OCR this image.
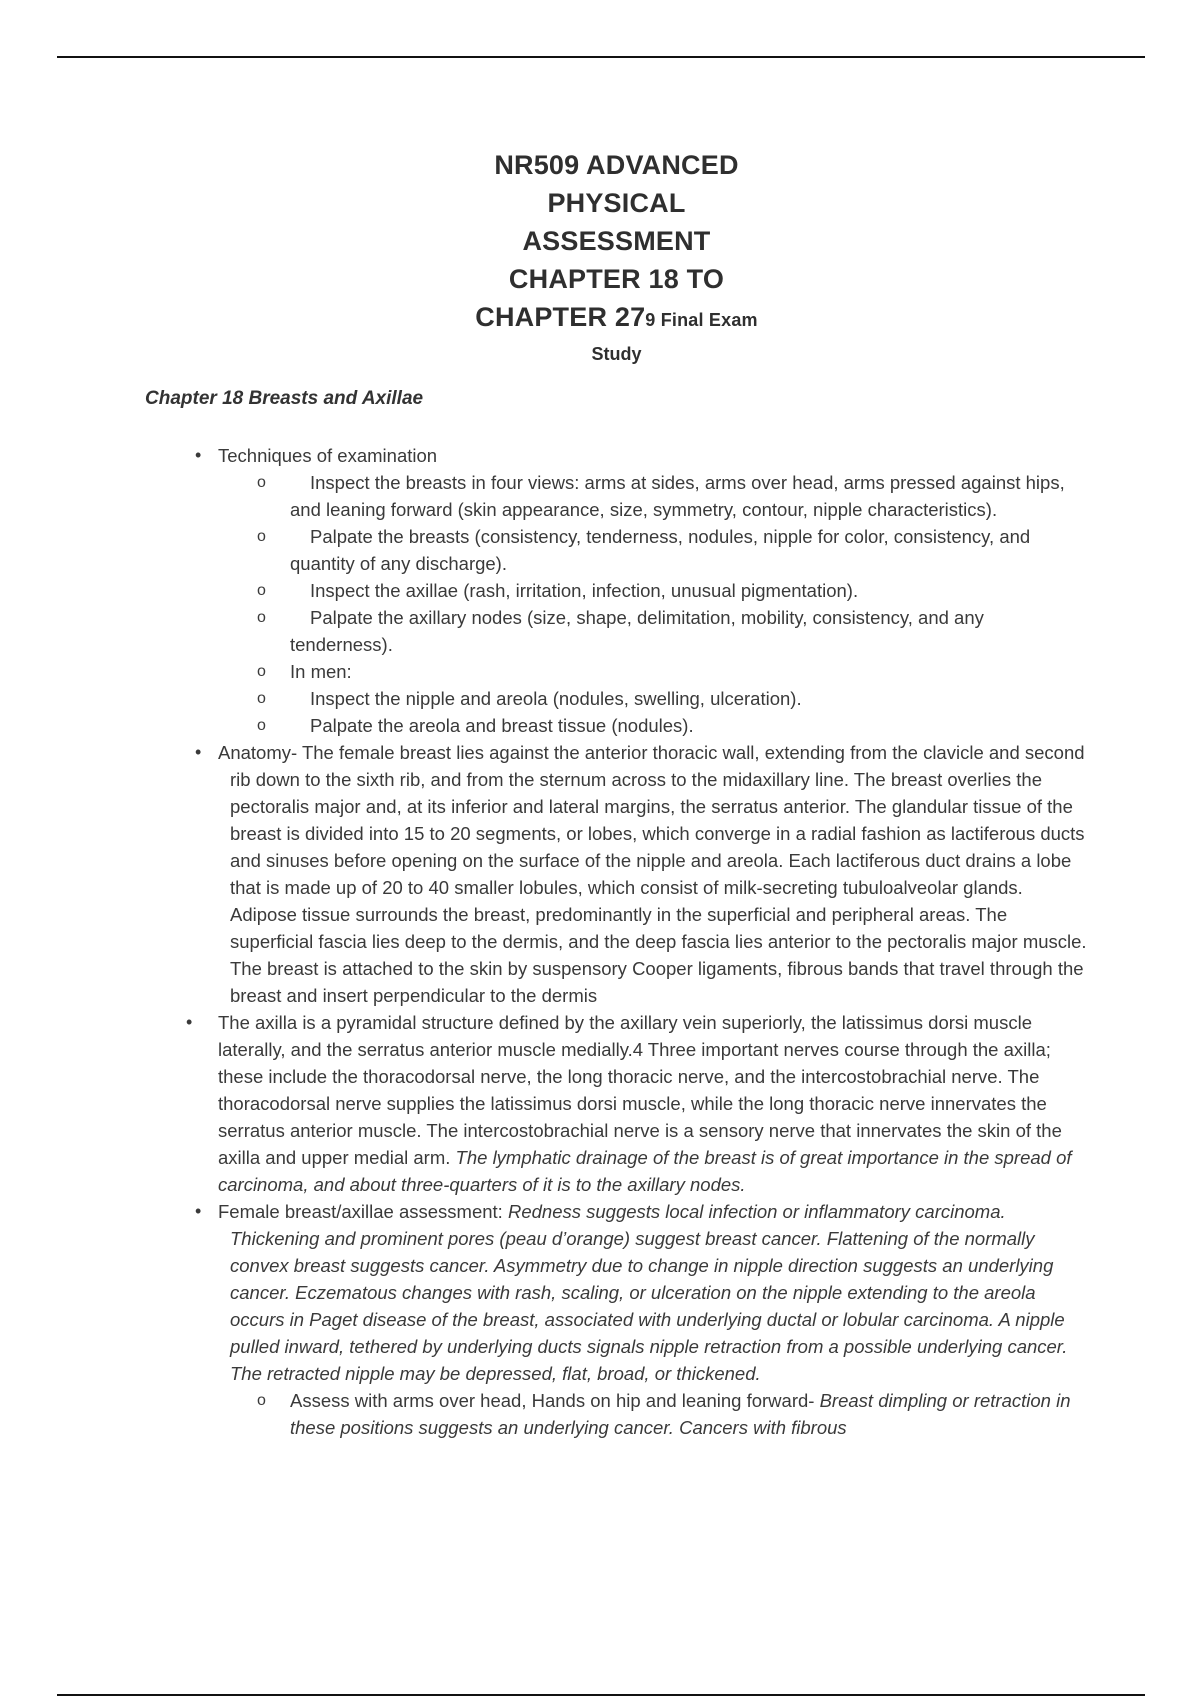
NR509 ADVANCED
PHYSICAL
ASSESSMENT
CHAPTER 18 TO
CHAPTER 279 Final Exam
Study
Chapter 18 Breasts and Axillae
• Techniques of examination
o Inspect the breasts in four views: arms at sides, arms over head, arms pressed against hips, and leaning forward (skin appearance, size, symmetry, contour, nipple characteristics).
o Palpate the breasts (consistency, tenderness, nodules, nipple for color, consistency, and quantity of any discharge).
o Inspect the axillae (rash, irritation, infection, unusual pigmentation).
o Palpate the axillary nodes (size, shape, delimitation, mobility, consistency, and any tenderness).
o In men:
o Inspect the nipple and areola (nodules, swelling, ulceration).
o Palpate the areola and breast tissue (nodules).
• Anatomy- The female breast lies against the anterior thoracic wall, extending from the clavicle and second rib down to the sixth rib, and from the sternum across to the midaxillary line. The breast overlies the pectoralis major and, at its inferior and lateral margins, the serratus anterior. The glandular tissue of the breast is divided into 15 to 20 segments, or lobes, which converge in a radial fashion as lactiferous ducts and sinuses before opening on the surface of the nipple and areola. Each lactiferous duct drains a lobe that is made up of 20 to 40 smaller lobules, which consist of milk-secreting tubuloalveolar glands. Adipose tissue surrounds the breast, predominantly in the superficial and peripheral areas. The superficial fascia lies deep to the dermis, and the deep fascia lies anterior to the pectoralis major muscle. The breast is attached to the skin by suspensory Cooper ligaments, fibrous bands that travel through the breast and insert perpendicular to the dermis
• The axilla is a pyramidal structure defined by the axillary vein superiorly, the latissimus dorsi muscle laterally, and the serratus anterior muscle medially.4 Three important nerves course through the axilla; these include the thoracodorsal nerve, the long thoracic nerve, and the intercostobrachial nerve. The thoracodorsal nerve supplies the latissimus dorsi muscle, while the long thoracic nerve innervates the serratus anterior muscle. The intercostobrachial nerve is a sensory nerve that innervates the skin of the axilla and upper medial arm. The lymphatic drainage of the breast is of great importance in the spread of carcinoma, and about three-quarters of it is to the axillary nodes.
• Female breast/axillae assessment: Redness suggests local infection or inflammatory carcinoma. Thickening and prominent pores (peau d’orange) suggest breast cancer. Flattening of the normally convex breast suggests cancer. Asymmetry due to change in nipple direction suggests an underlying cancer. Eczematous changes with rash, scaling, or ulceration on the nipple extending to the areola occurs in Paget disease of the breast, associated with underlying ductal or lobular carcinoma. A nipple pulled inward, tethered by underlying ducts signals nipple retraction from a possible underlying cancer. The retracted nipple may be depressed, flat, broad, or thickened.
o Assess with arms over head, Hands on hip and leaning forward- Breast dimpling or retraction in these positions suggests an underlying cancer. Cancers with fibrous
